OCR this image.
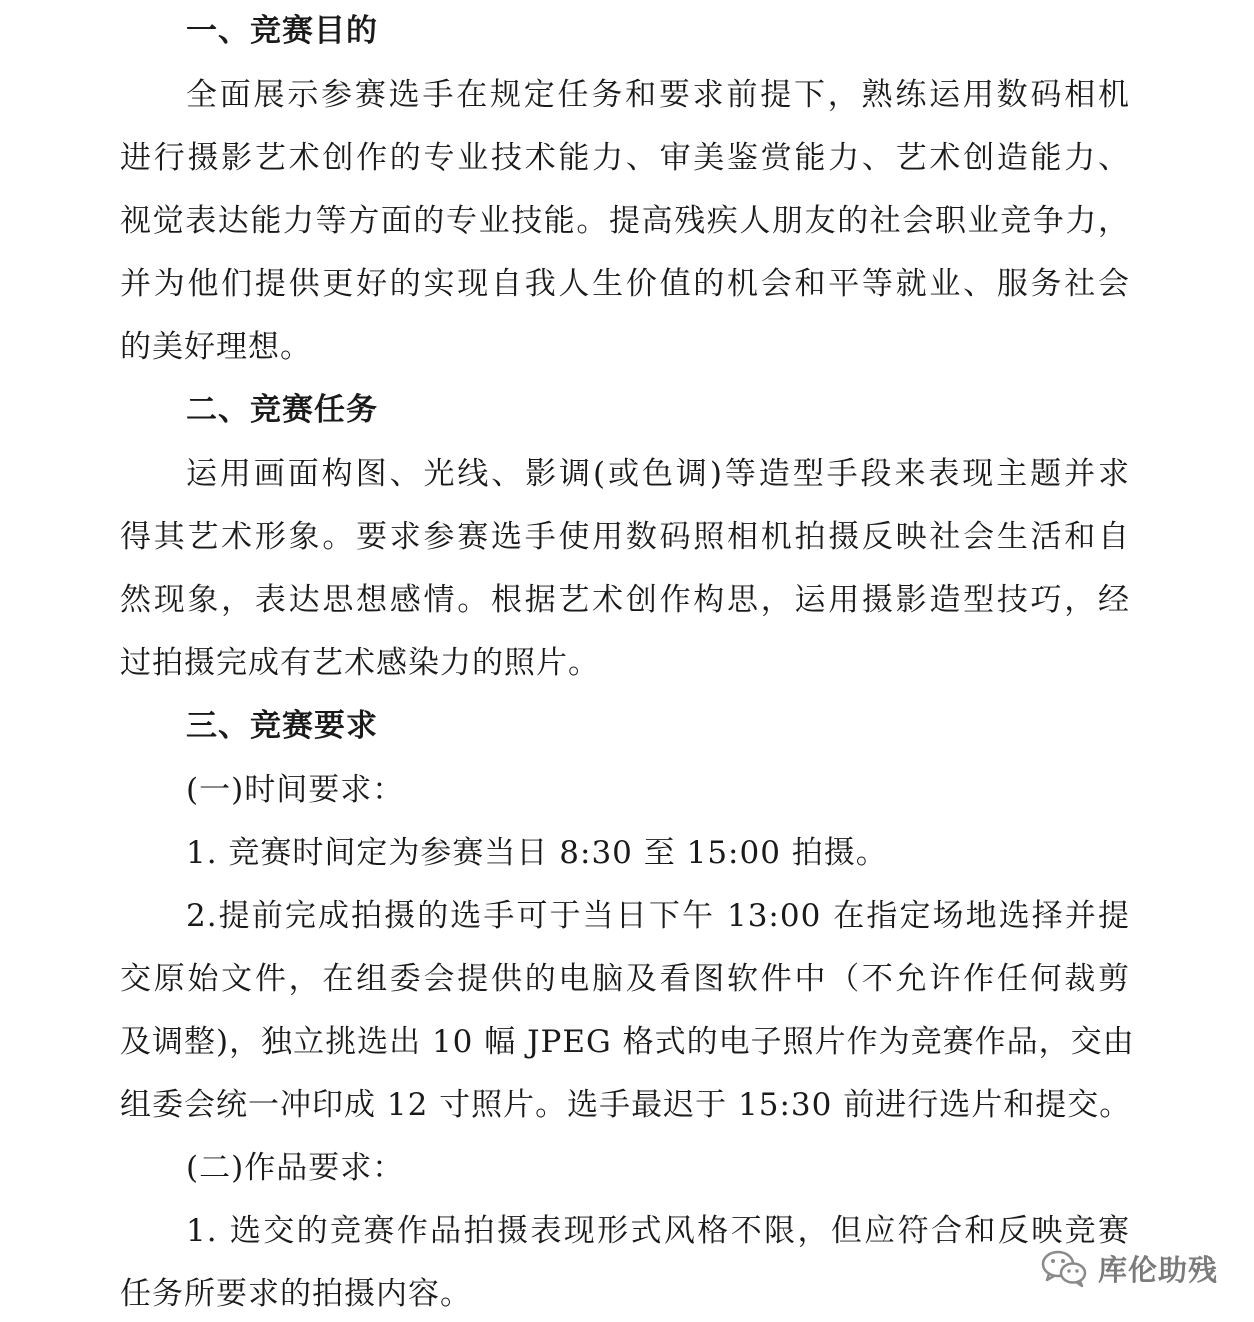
一、竞赛目的
全面展示参赛选手在规定任务和要求前提下，熟练运用数码相机
进行摄影艺术创作的专业技术能力、审美鉴赏能力、艺术创造能力、
视觉表达能力等方面的专业技能。提高残疾人朋友的社会职业竞争力，
并为他们提供更好的实现自我人生价值的机会和平等就业、服务社会
的美好理想。
二、竞赛任务
运用画面构图、光线、影调(或色调)等造型手段来表现主题并求
得其艺术形象。要求参赛选手使用数码照相机拍摄反映社会生活和自
然现象，表达思想感情。根据艺术创作构思，运用摄影造型技巧，经
过拍摄完成有艺术感染力的照片。
三、竞赛要求
(一)时间要求：
1. 竞赛时间定为参赛当日 8:30 至 15:00 拍摄。
2.提前完成拍摄的选手可于当日下午 13:00 在指定场地选择并提
交原始文件，在组委会提供的电脑及看图软件中（不允许作任何裁剪
及调整)，独立挑选出 10 幅 JPEG 格式的电子照片作为竞赛作品，交由
组委会统一冲印成 12 寸照片。选手最迟于 15:30 前进行选片和提交。
(二)作品要求：
1. 选交的竞赛作品拍摄表现形式风格不限，但应符合和反映竞赛
任务所要求的拍摄内容。
库伦助残
